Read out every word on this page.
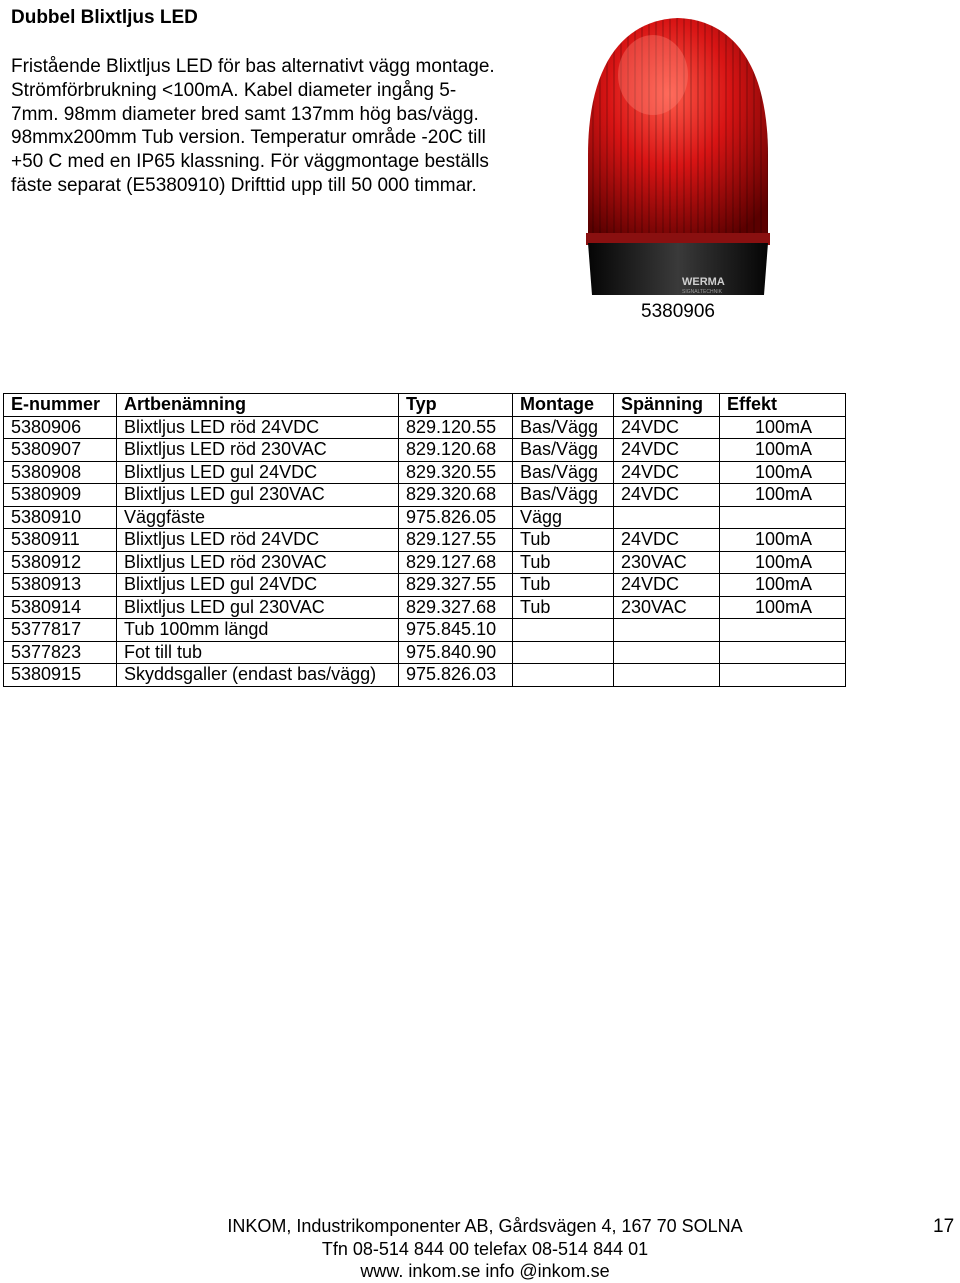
Dubbel Blixtljus LED
Fristående Blixtljus LED för bas alternativt vägg montage.
Strömförbrukning <100mA. Kabel diameter ingång 5-
7mm. 98mm diameter bred samt 137mm hög bas/vägg.
98mmx200mm Tub version. Temperatur område -20C till
+50 C med en IP65 klassning. För väggmontage beställs
fäste separat (E5380910) Drifttid upp till 50 000 timmar.
WERMA
SIGNALTECHNIK
5380906
E-nummer	Artbenämning	Typ	Montage	Spänning	Effekt
5380906	Blixtljus LED röd 24VDC	829.120.55	Bas/Vägg	24VDC	100mA
5380907	Blixtljus LED röd 230VAC	829.120.68	Bas/Vägg	24VDC	100mA
5380908	Blixtljus LED gul 24VDC	829.320.55	Bas/Vägg	24VDC	100mA
5380909	Blixtljus LED gul 230VAC	829.320.68	Bas/Vägg	24VDC	100mA
5380910	Väggfäste	975.826.05	Vägg		
5380911	Blixtljus LED röd 24VDC	829.127.55	Tub	24VDC	100mA
5380912	Blixtljus LED röd 230VAC	829.127.68	Tub	230VAC	100mA
5380913	Blixtljus LED gul 24VDC	829.327.55	Tub	24VDC	100mA
5380914	Blixtljus LED gul 230VAC	829.327.68	Tub	230VAC	100mA
5377817	Tub 100mm längd	975.845.10			
5377823	Fot till tub	975.840.90			
5380915	Skyddsgaller (endast bas/vägg)	975.826.03			
INKOM, Industrikomponenter AB, Gårdsvägen 4, 167 70 SOLNA
Tfn 08-514 844 00 telefax 08-514 844 01
www. inkom.se info @inkom.se
17
